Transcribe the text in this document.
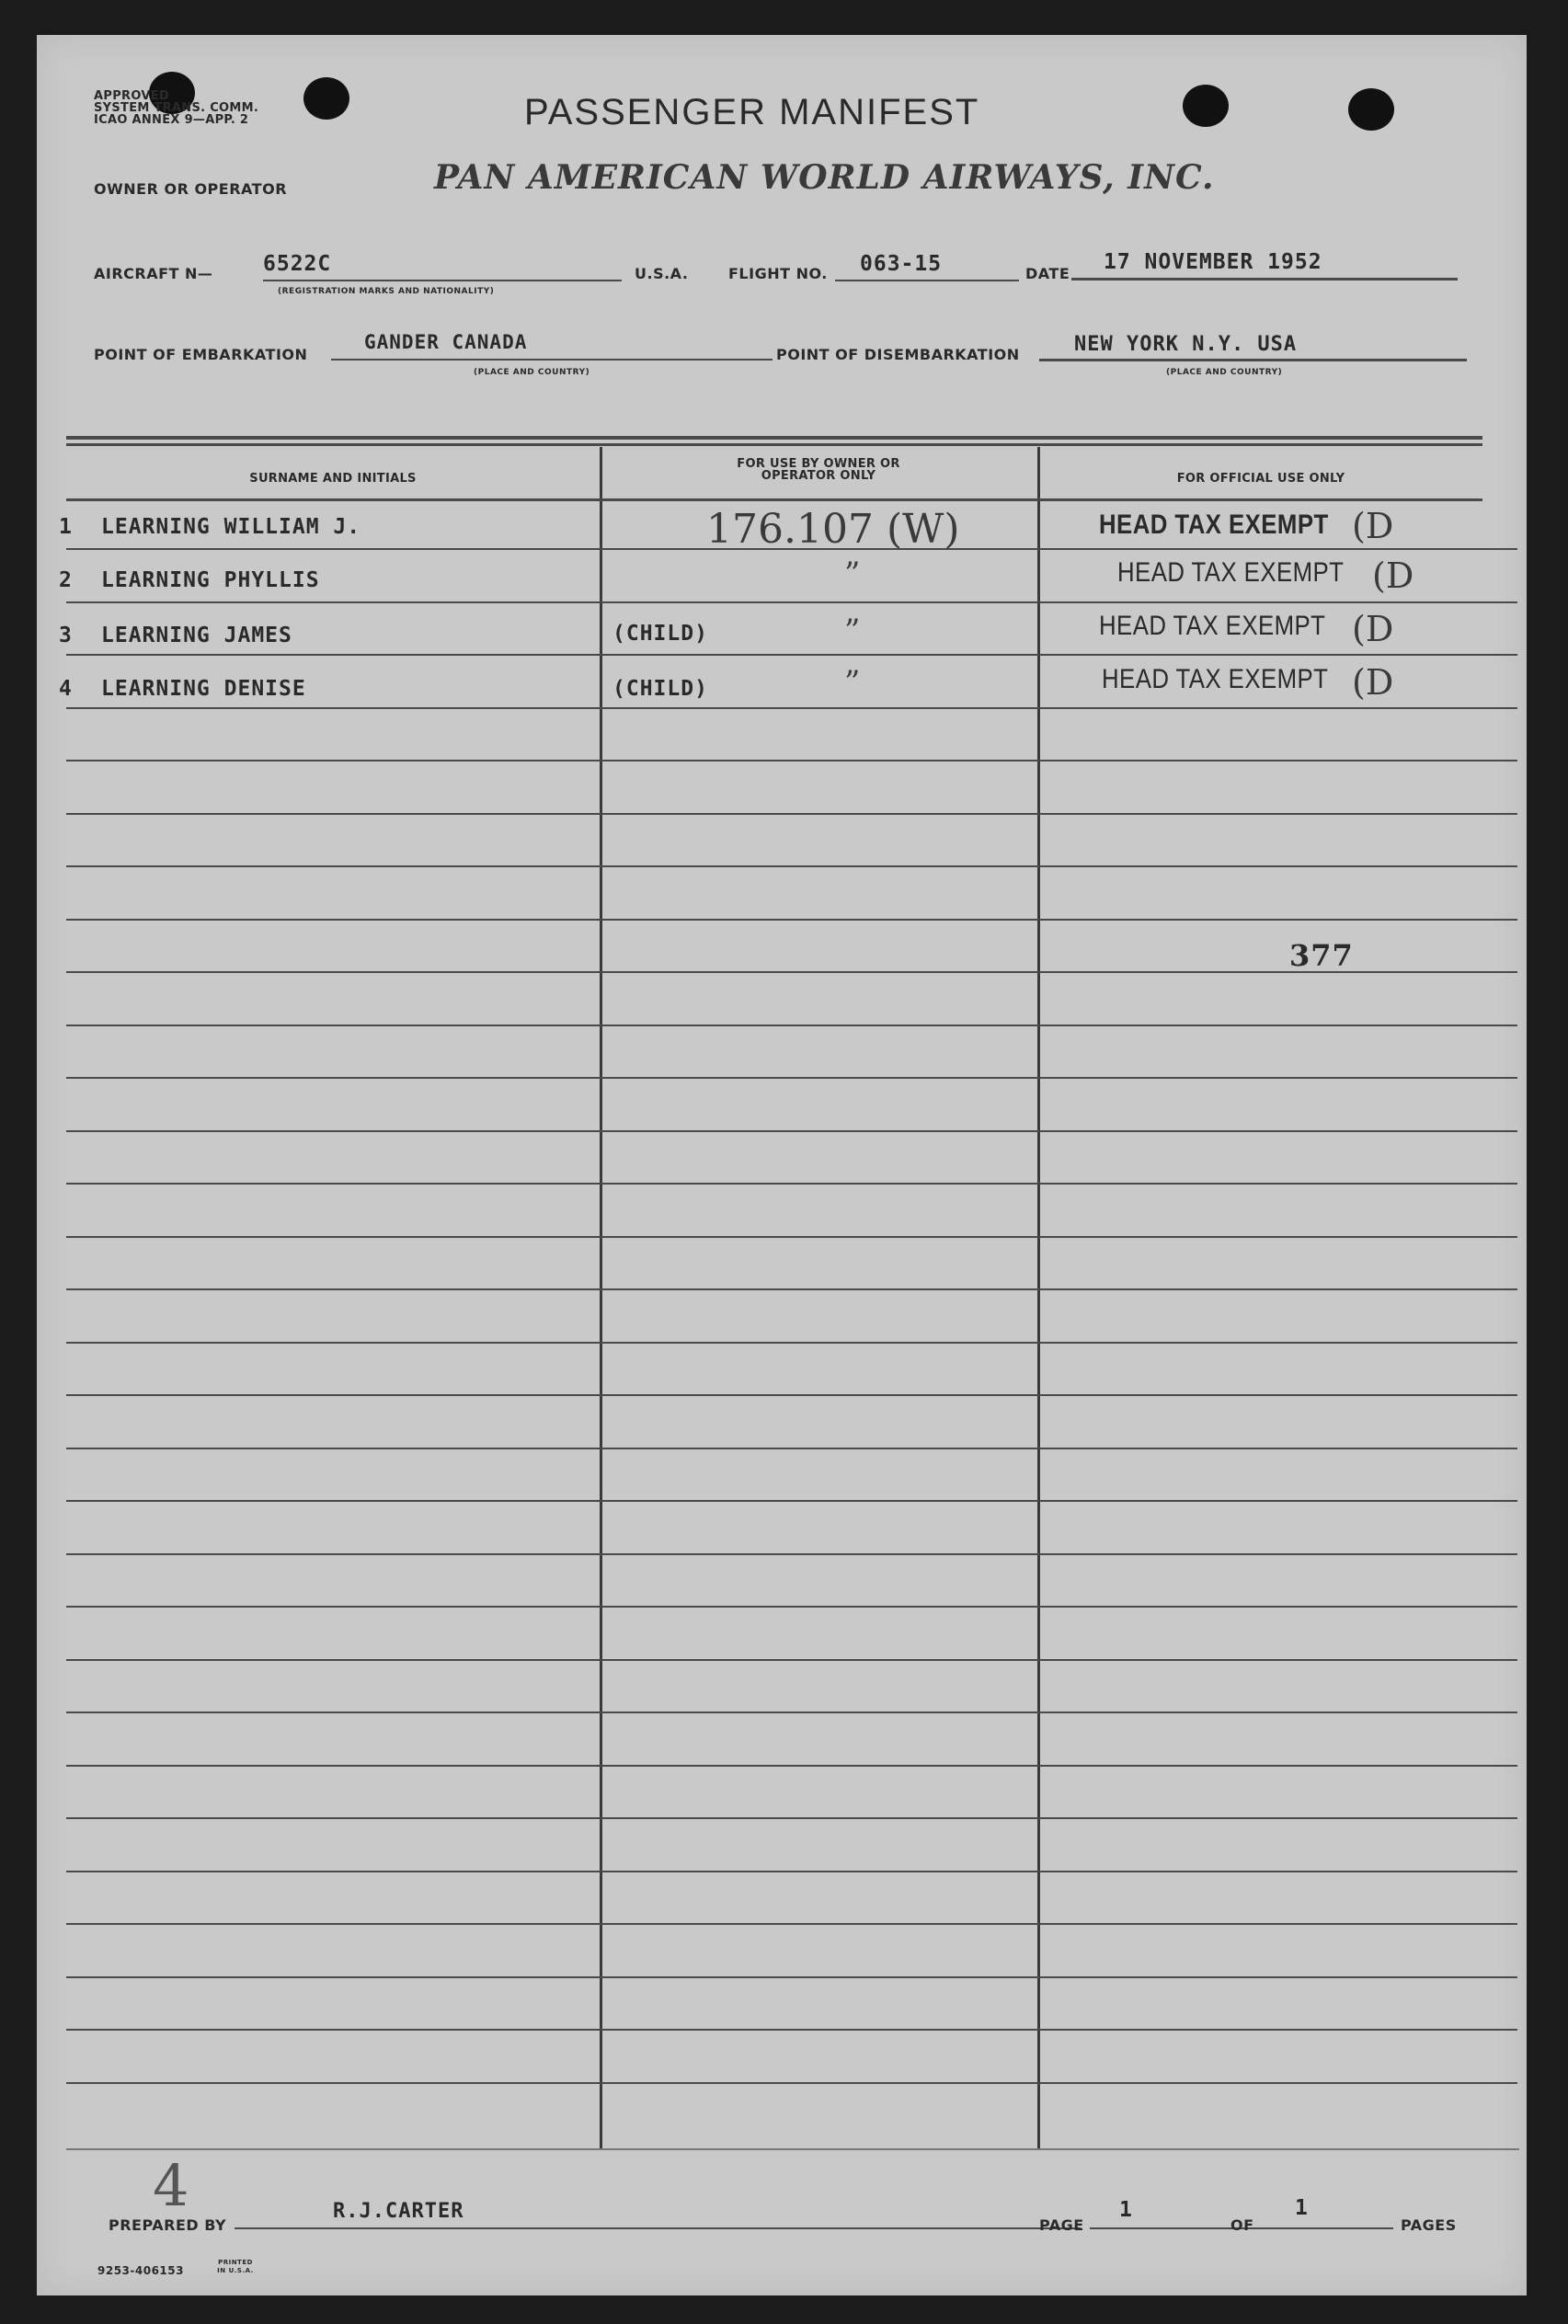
APPROVED
SYSTEM TRANS. COMM.
ICAO ANNEX 9—APP. 2	PASSENGER MANIFEST
OWNER OR OPERATOR	PAN AMERICAN WORLD AIRWAYS, INC.
AIRCRAFT N— 6522C
(REGISTRATION MARKS AND NATIONALITY)
U.S.A.	FLIGHT NO. 063-15	DATE 17 NOVEMBER 1952
POINT OF EMBARKATION
GANDER CANADA
(PLACE AND COUNTRY)
POINT OF DISEMBARKATION	NEW YORK N.Y. USA
(PLACE AND COUNTRY)
SURNAME AND INITIALS
FOR USE BY OWNER OR OPERATOR ONLY	FOR OFFICIAL USE ONLY
1 LEARNING WILLIAM J.	176.107 (W)	HEAD TAX EXEMPT (D
2 LEARNING PHYLLIS	”	HEAD TAX EXEMPT (D
3 LEARNING JAMES	(CHILD)	”	HEAD TAX EXEMPT (D
4 LEARNING DENISE	(CHILD)	”	HEAD TAX EXEMPT (D
377
4
PREPARED BY
R.J.CARTER
PAGE
1
OF
1
PAGES
9253-406153
PRINTED IN U.S.A.
